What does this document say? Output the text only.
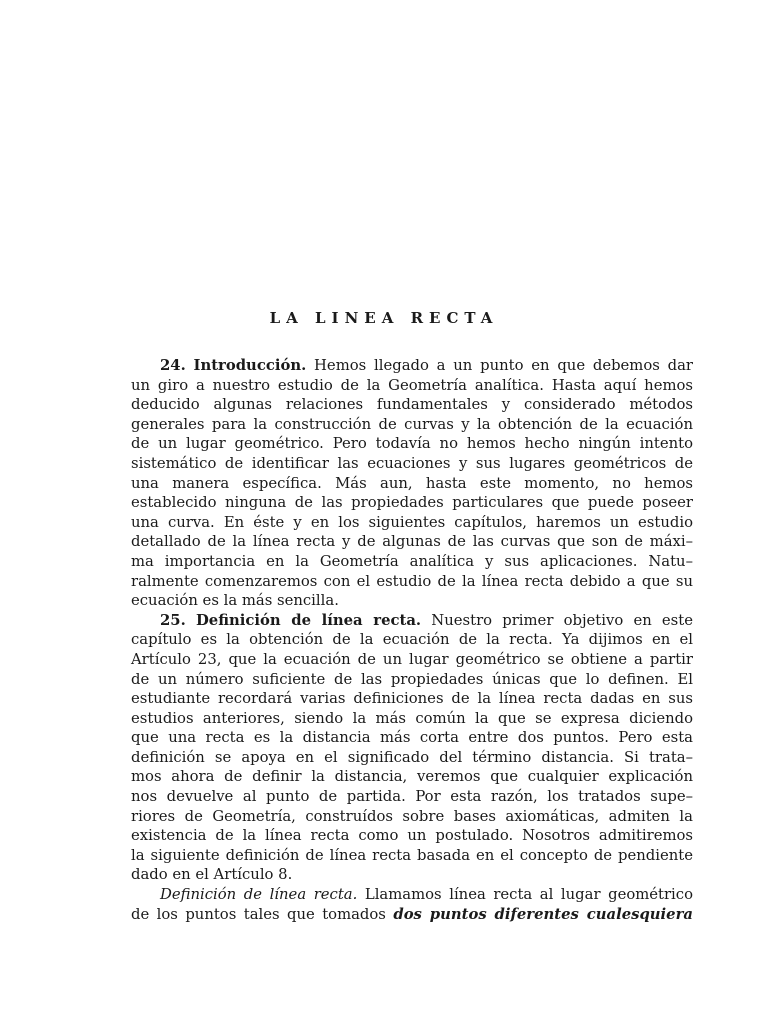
LA LINEA RECTA
24. Introducción. Hemos llegado a un punto en que debemos dar
un giro a nuestro estudio de la Geometría analítica. Hasta aquí hemos
deducido algunas relaciones fundamentales y considerado métodos
generales para la construcción de curvas y la obtención de la ecuación
de un lugar geométrico. Pero todavía no hemos hecho ningún intento
sistemático de identificar las ecuaciones y sus lugares geométricos de
una manera específica. Más aun, hasta este momento, no hemos
establecido ninguna de las propiedades particulares que puede poseer
una curva. En éste y en los siguientes capítulos, haremos un estudio
detallado de la línea recta y de algunas de las curvas que son de máxi–
ma importancia en la Geometría analítica y sus aplicaciones. Natu–
ralmente comenzaremos con el estudio de la línea recta debido a que su
ecuación es la más sencilla.
25. Definición de línea recta. Nuestro primer objetivo en este
capítulo es la obtención de la ecuación de la recta. Ya dijimos en el
Artículo 23, que la ecuación de un lugar geométrico se obtiene a partir
de un número suficiente de las propiedades únicas que lo definen. El
estudiante recordará varias definiciones de la línea recta dadas en sus
estudios anteriores, siendo la más común la que se expresa diciendo
que una recta es la distancia más corta entre dos puntos. Pero esta
definición se apoya en el significado del término distancia. Si trata–
mos ahora de definir la distancia, veremos que cualquier explicación
nos devuelve al punto de partida. Por esta razón, los tratados supe–
riores de Geometría, construídos sobre bases axiomáticas, admiten la
existencia de la línea recta como un postulado. Nosotros admitiremos
la siguiente definición de línea recta basada en el concepto de pendiente
dado en el Artículo 8.
Definición de línea recta. Llamamos línea recta al lugar geométrico
de los puntos tales que tomados dos puntos diferentes cualesquiera
